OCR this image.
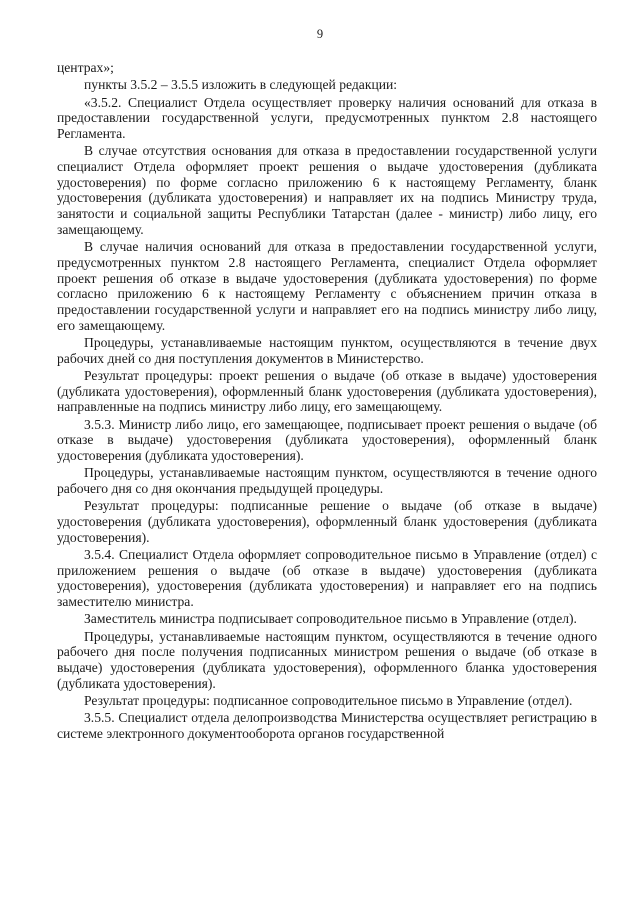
9

центрах»;

пункты 3.5.2 – 3.5.5 изложить в следующей редакции:

«3.5.2. Специалист Отдела осуществляет проверку наличия оснований для отказа в предоставлении государственной услуги, предусмотренных пунктом 2.8 настоящего Регламента.

В случае отсутствия основания для отказа в предоставлении государственной услуги специалист Отдела оформляет проект решения о выдаче удостоверения (дубликата удостоверения) по форме согласно приложению 6 к настоящему Регламенту, бланк удостоверения (дубликата удостоверения) и направляет их на подпись Министру труда, занятости и социальной защиты Республики Татарстан (далее - министр) либо лицу, его замещающему.

В случае наличия оснований для отказа в предоставлении государственной услуги, предусмотренных пунктом 2.8 настоящего Регламента, специалист Отдела оформляет проект решения об отказе в выдаче удостоверения (дубликата удостоверения) по форме согласно приложению 6 к настоящему Регламенту с объяснением причин отказа в предоставлении государственной услуги и направляет его на подпись министру либо лицу, его замещающему.

Процедуры, устанавливаемые настоящим пунктом, осуществляются в течение двух рабочих дней со дня поступления документов в Министерство.

Результат процедуры: проект решения о выдаче (об отказе в выдаче) удостоверения (дубликата удостоверения), оформленный бланк удостоверения (дубликата удостоверения), направленные на подпись министру либо лицу, его замещающему.

3.5.3. Министр либо лицо, его замещающее, подписывает проект решения о выдаче (об отказе в выдаче) удостоверения (дубликата удостоверения), оформленный бланк удостоверения (дубликата удостоверения).

Процедуры, устанавливаемые настоящим пунктом, осуществляются в течение одного рабочего дня со дня окончания предыдущей процедуры.

Результат процедуры: подписанные решение о выдаче (об отказе в выдаче) удостоверения (дубликата удостоверения), оформленный бланк удостоверения (дубликата удостоверения).

3.5.4. Специалист Отдела оформляет сопроводительное письмо в Управление (отдел) с приложением решения о выдаче (об отказе в выдаче) удостоверения (дубликата удостоверения), удостоверения (дубликата удостоверения) и направляет его на подпись заместителю министра.

Заместитель министра подписывает сопроводительное письмо в Управление (отдел).

Процедуры, устанавливаемые настоящим пунктом, осуществляются в течение одного рабочего дня после получения подписанных министром решения о выдаче (об отказе в выдаче) удостоверения (дубликата удостоверения), оформленного бланка удостоверения (дубликата удостоверения).

Результат процедуры: подписанное сопроводительное письмо в Управление (отдел).

3.5.5. Специалист отдела делопроизводства Министерства осуществляет регистрацию в системе электронного документооборота органов государственной
